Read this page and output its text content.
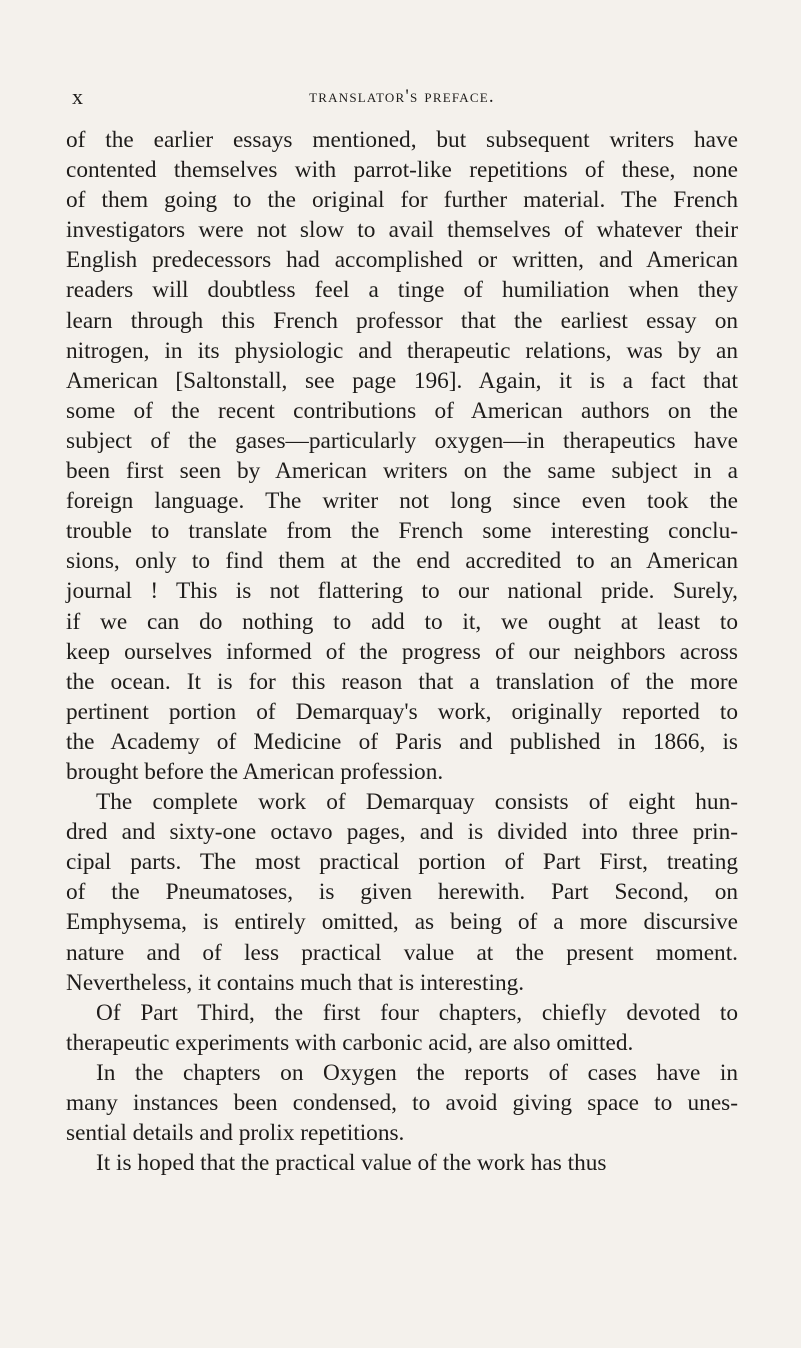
x	translator's preface.
of the earlier essays mentioned, but subsequent writers have
contented themselves with parrot-like repetitions of these, none
of them going to the original for further material. The French
investigators were not slow to avail themselves of whatever their
English predecessors had accomplished or written, and American
readers will doubtless feel a tinge of humiliation when they
learn through this French professor that the earliest essay on
nitrogen, in its physiologic and therapeutic relations, was by an
American [Saltonstall, see page 196]. Again, it is a fact that
some of the recent contributions of American authors on the
subject of the gases—particularly oxygen—in therapeutics have
been first seen by American writers on the same subject in a
foreign language. The writer not long since even took the
trouble to translate from the French some interesting conclu-
sions, only to find them at the end accredited to an American
journal ! This is not flattering to our national pride. Surely,
if we can do nothing to add to it, we ought at least to
keep ourselves informed of the progress of our neighbors across
the ocean. It is for this reason that a translation of the more
pertinent portion of Demarquay's work, originally reported to
the Academy of Medicine of Paris and published in 1866, is
brought before the American profession.
The complete work of Demarquay consists of eight hun-
dred and sixty-one octavo pages, and is divided into three prin-
cipal parts. The most practical portion of Part First, treating
of the Pneumatoses, is given herewith. Part Second, on
Emphysema, is entirely omitted, as being of a more discursive
nature and of less practical value at the present moment.
Nevertheless, it contains much that is interesting.
Of Part Third, the first four chapters, chiefly devoted to
therapeutic experiments with carbonic acid, are also omitted.
In the chapters on Oxygen the reports of cases have in
many instances been condensed, to avoid giving space to unes-
sential details and prolix repetitions.
It is hoped that the practical value of the work has thus
